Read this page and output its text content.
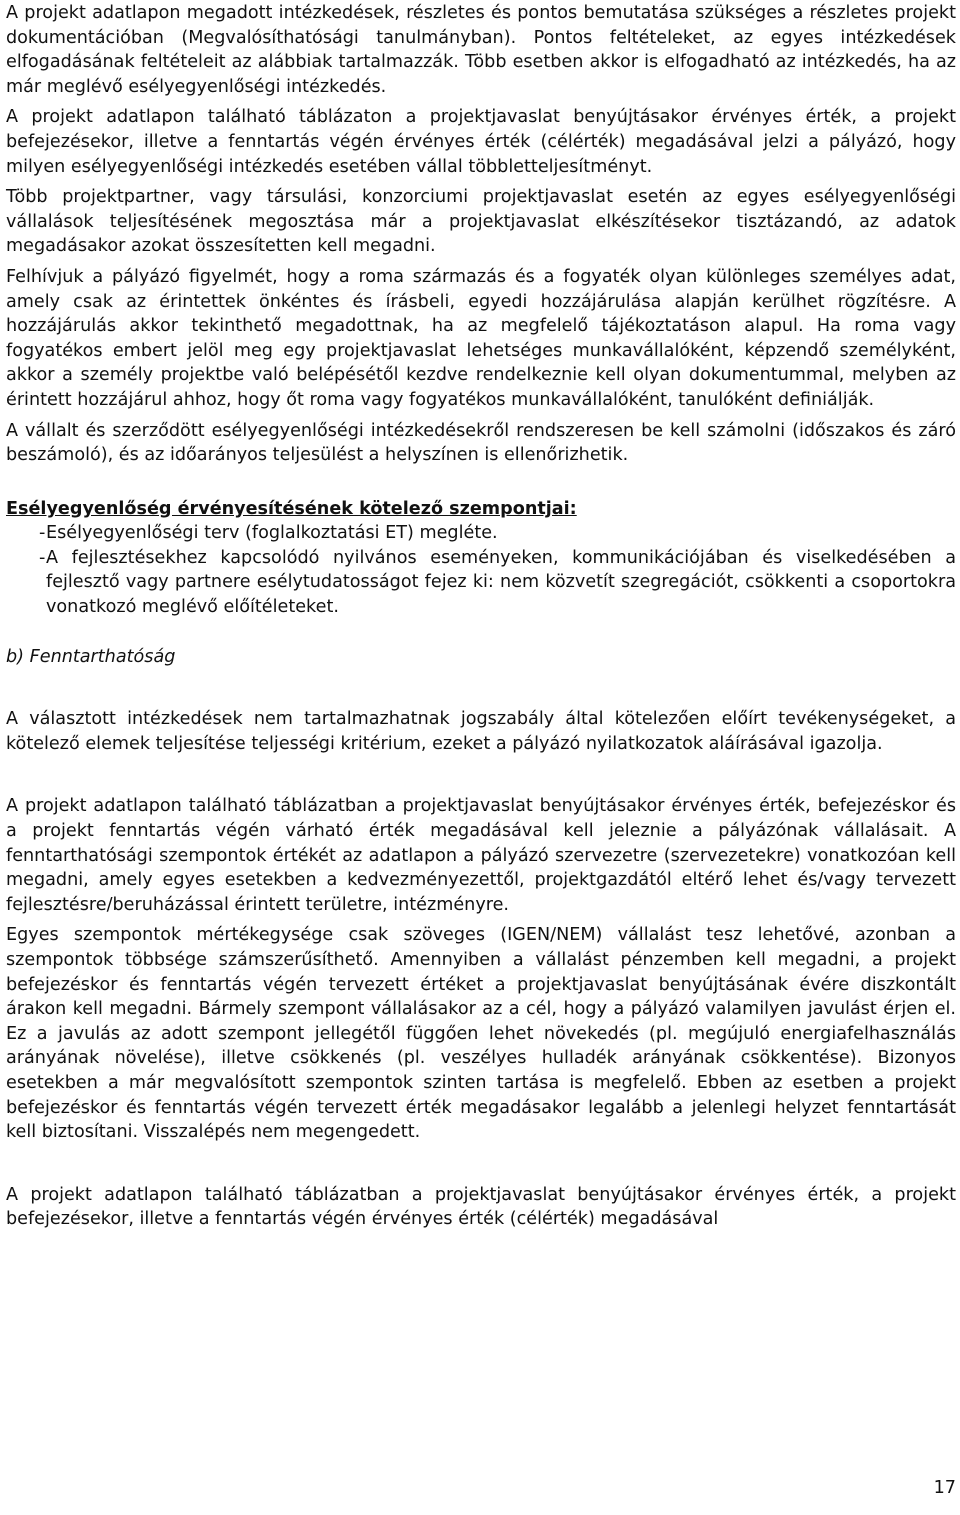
A projekt adatlapon megadott intézkedések, részletes és pontos bemutatása szükséges a részletes projekt dokumentációban (Megvalósíthatósági tanulmányban). Pontos feltételeket, az egyes intézkedések elfogadásának feltételeit az alábbiak tartalmazzák. Több esetben akkor is elfogadható az intézkedés, ha az már meglévő esélyegyenlőségi intézkedés.

A projekt adatlapon található táblázaton a projektjavaslat benyújtásakor érvényes érték, a projekt befejezésekor, illetve a fenntartás végén érvényes érték (célérték) megadásával jelzi a pályázó, hogy milyen esélyegyenlőségi intézkedés esetében vállal többletteljesítményt.

Több projektpartner, vagy társulási, konzorciumi projektjavaslat esetén az egyes esélyegyenlőségi vállalások teljesítésének megosztása már a projektjavaslat elkészítésekor tisztázandó, az adatok megadásakor azokat összesítetten kell megadni.

Felhívjuk a pályázó figyelmét, hogy a roma származás és a fogyaték olyan különleges személyes adat, amely csak az érintettek önkéntes és írásbeli, egyedi hozzájárulása alapján kerülhet rögzítésre. A hozzájárulás akkor tekinthető megadottnak, ha az megfelelő tájékoztatáson alapul. Ha roma vagy fogyatékos embert jelöl meg egy projektjavaslat lehetséges munkavállalóként, képzendő személyként, akkor a személy projektbe való belépésétől kezdve rendelkeznie kell olyan dokumentummal, melyben az érintett hozzájárul ahhoz, hogy őt roma vagy fogyatékos munkavállalóként, tanulóként definiálják.

A vállalt és szerződött esélyegyenlőségi intézkedésekről rendszeresen be kell számolni (időszakos és záró beszámoló), és az időarányos teljesülést a helyszínen is ellenőrizhetik.

Esélyegyenlőség érvényesítésének kötelező szempontjai:

- Esélyegyenlőségi terv (foglalkoztatási ET) megléte.
- A fejlesztésekhez kapcsolódó nyilvános eseményeken, kommunikációjában és viselkedésében a fejlesztő vagy partnere esélytudatosságot fejez ki: nem közvetít szegregációt, csökkenti a csoportokra vonatkozó meglévő előítéleteket.

b) Fenntarthatóság

A választott intézkedések nem tartalmazhatnak jogszabály által kötelezően előírt tevékenységeket, a kötelező elemek teljesítése teljességi kritérium, ezeket a pályázó nyilatkozatok aláírásával igazolja.

A projekt adatlapon található táblázatban a projektjavaslat benyújtásakor érvényes érték, befejezéskor és a projekt fenntartás végén várható érték megadásával kell jeleznie a pályázónak vállalásait. A fenntarthatósági szempontok értékét az adatlapon a pályázó szervezetre (szervezetekre) vonatkozóan kell megadni, amely egyes esetekben a kedvezményezettől, projektgazdától eltérő lehet és/vagy tervezett fejlesztésre/beruházással érintett területre, intézményre.

Egyes szempontok mértékegysége csak szöveges (IGEN/NEM) vállalást tesz lehetővé, azonban a szempontok többsége számszerűsíthető. Amennyiben a vállalást pénzemben kell megadni, a projekt befejezéskor és fenntartás végén tervezett értéket a projektjavaslat benyújtásának évére diszkontált árakon kell megadni. Bármely szempont vállalásakor az a cél, hogy a pályázó valamilyen javulást érjen el. Ez a javulás az adott szempont jellegétől függően lehet növekedés (pl. megújuló energiafelhasználás arányának növelése), illetve csökkenés (pl. veszélyes hulladék arányának csökkentése). Bizonyos esetekben a már megvalósított szempontok szinten tartása is megfelelő. Ebben az esetben a projekt befejezéskor és fenntartás végén tervezett érték megadásakor legalább a jelenlegi helyzet fenntartását kell biztosítani. Visszalépés nem megengedett.

A projekt adatlapon található táblázatban a projektjavaslat benyújtásakor érvényes érték, a projekt befejezésekor, illetve a fenntartás végén érvényes érték (célérték) megadásával

17
